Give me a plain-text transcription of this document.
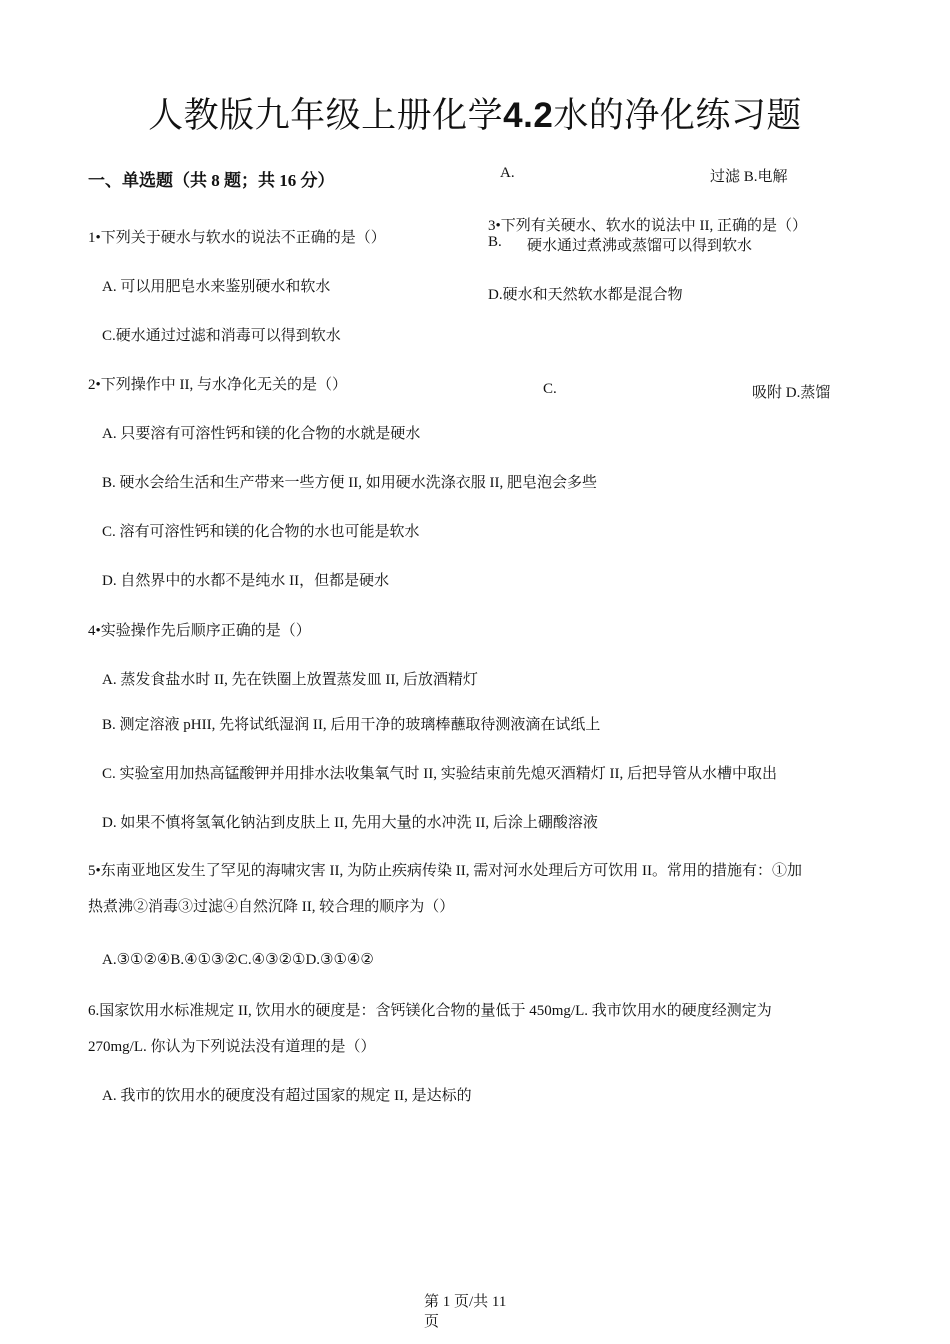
人教版九年级上册化学4.2水的净化练习题
一、单选题（共 8 题；共 16 分）	A.	过滤 B.电解
3•下列有关硬水、软水的说法中 II, 正确的是（）
B. 硬水通过煮沸或蒸馏可以得到软水
D.硬水和天然软水都是混合物
C.	吸附 D.蒸馏
1•下列关于硬水与软水的说法不正确的是（）
A. 可以用肥皂水来鉴别硬水和软水
C.硬水通过过滤和消毒可以得到软水
2•下列操作中 II, 与水净化无关的是（）
A. 只要溶有可溶性钙和镁的化合物的水就是硬水
B. 硬水会给生活和生产带来一些方便 II, 如用硬水洗涤衣服 II, 肥皂泡会多些
C. 溶有可溶性钙和镁的化合物的水也可能是软水
D. 自然界中的水都不是纯水 II，但都是硬水
4•实验操作先后顺序正确的是（）
A. 蒸发食盐水时 II, 先在铁圈上放置蒸发皿 II, 后放酒精灯
B. 测定溶液 pHII, 先将试纸湿润 II, 后用干净的玻璃棒蘸取待测液滴在试纸上
C. 实验室用加热高锰酸钾并用排水法收集氧气时 II, 实验结束前先熄灭酒精灯 II, 后把导管从水槽中取出
D. 如果不慎将氢氧化钠沾到皮肤上 II, 先用大量的水冲洗 II, 后涂上硼酸溶液
5•东南亚地区发生了罕见的海啸灾害 II, 为防止疾病传染 II, 需对河水处理后方可饮用 II。常用的措施有：①加
热煮沸②消毒③过滤④自然沉降 II, 较合理的顺序为（）
A.③①②④B.④①③②C.④③②①D.③①④②
6.国家饮用水标准规定 II, 饮用水的硬度是：含钙镁化合物的量低于 450mg/L. 我市饮用水的硬度经测定为
270mg/L. 你认为下列说法没有道理的是（）
A. 我市的饮用水的硬度没有超过国家的规定 II, 是达标的
第 1 页/共 11
页
